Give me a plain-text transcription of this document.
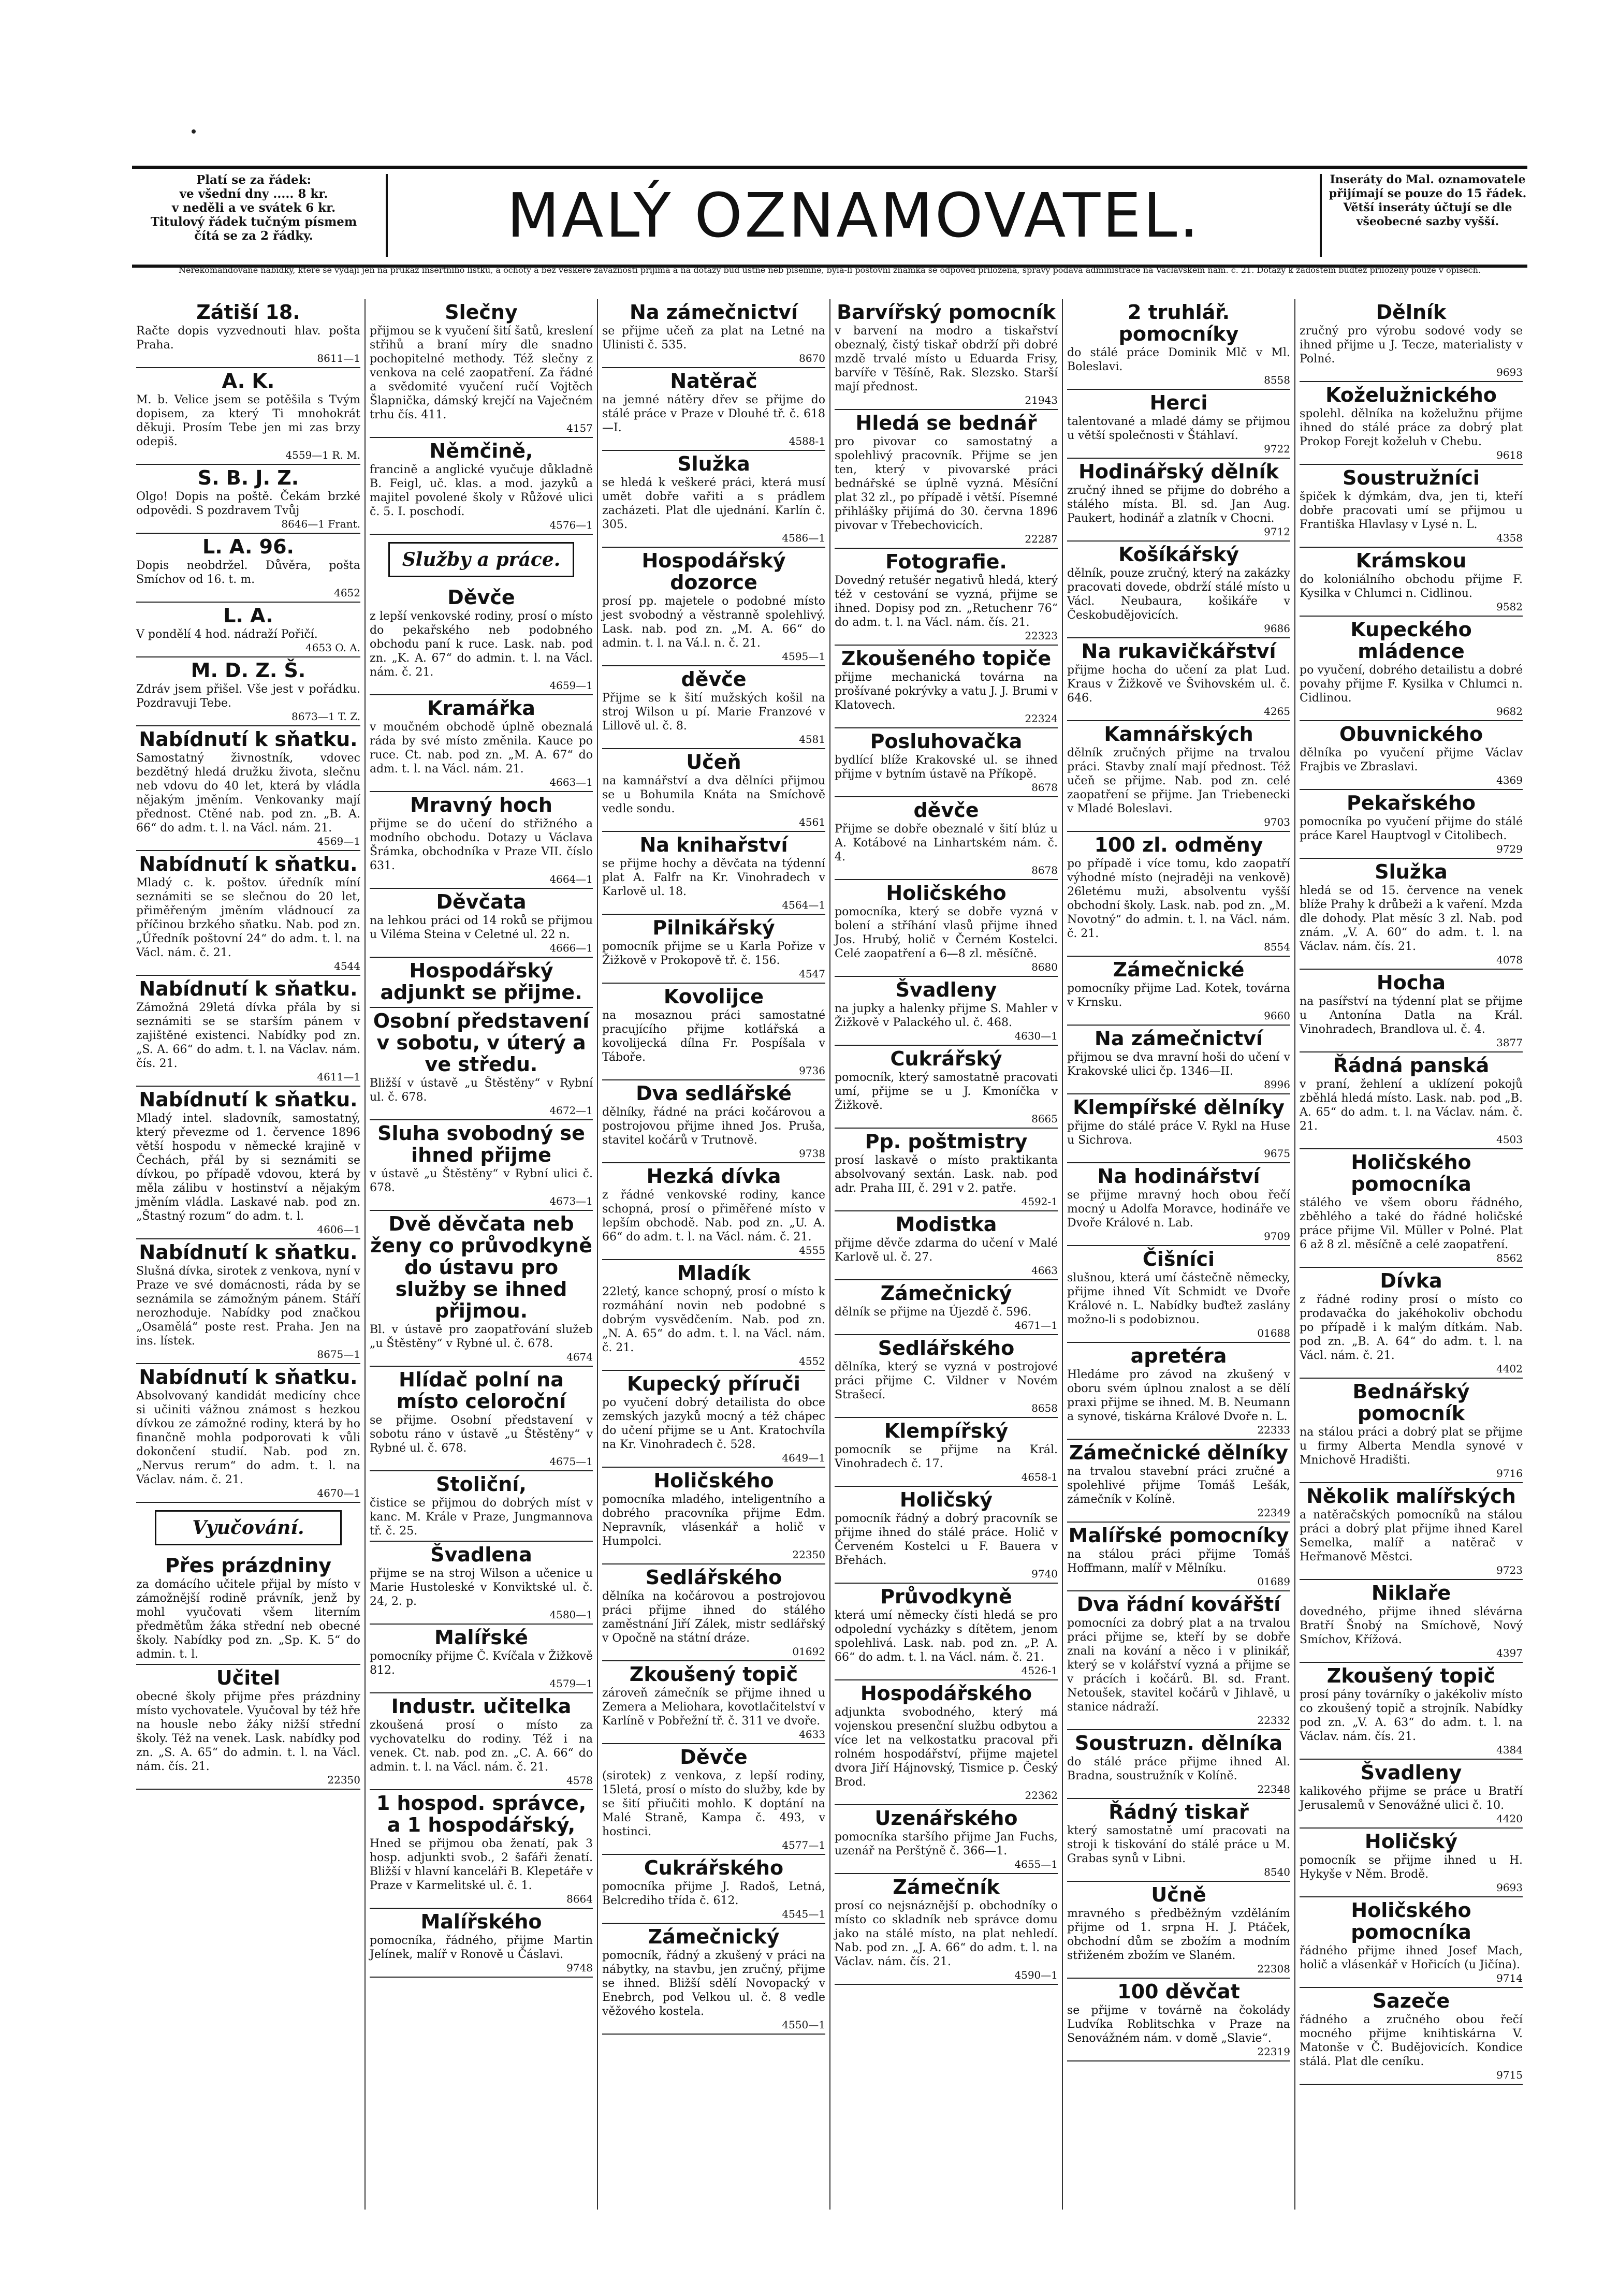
Platí se za řádek:
ve všední dny ..... 8 kr.
v neděli a ve svátek 6 kr.
Titulový řádek tučným písmem
čítá se za 2 řádky.	MALÝ OZNAMOVATEL.	Inseráty do Mal. oznamovatele
přijímají se pouze do 15 řádek.
Větší inseráty účtují se dle všeobecné sazby vyšší.
Nerekomandované nabídky, které se vydají jen na průkaz insertního lístku, a ochoty a bez veškeré závaznosti přijímá a na dotazy buď ústně neb písemně, byla-li poštovní známka se odpověď přiložena, správy podává administrace na Václavském nám. č. 21. Dotazy k žádostem buďtež přiloženy pouze v opisech.
Zátiší 18.

Račte dopis vyzvednouti hlav. pošta Praha.

8611—1
A. K.

M. b. Velice jsem se potěšila s Tvým dopisem, za který Ti mnohokrát děkuji. Prosím Tebe jen mi zas brzy odepiš.

4559—1 R. M.
S. B. J. Z.

Olgo! Dopis na poště. Čekám brzké odpovědi. S pozdravem Tvůj

8646—1 Frant.
L. A. 96.

Dopis neobdržel. Důvěra, pošta Smíchov od 16. t. m.

4652
L. A.

V pondělí 4 hod. nádraží Pořičí.

4653 O. A.
M. D. Z. Š.

Zdráv jsem přišel. Vše jest v pořádku. Pozdravuji Tebe.

8673—1 T. Z.
Nabídnutí k sňatku.

Samostatný živnostník, vdovec bezdětný hledá družku života, slečnu neb vdovu do 40 let, která by vládla nějakým jměním. Venkovanky mají přednost. Ctěné nab. pod zn. „B. A. 66“ do adm. t. l. na Václ. nám. 21.

4569—1
Nabídnutí k sňatku.

Mladý c. k. poštov. úředník míní seznámiti se se slečnou do 20 let, přiměřeným jměním vládnoucí za příčinou brzkého sňatku. Nab. pod zn. „Úředník poštovní 24“ do adm. t. l. na Václ. nám. č. 21.

4544
Nabídnutí k sňatku.

Zámožná 29letá dívka přála by si seznámiti se se starším pánem v zajištěné existenci. Nabídky pod zn. „S. A. 66“ do adm. t. l. na Václav. nám. čís. 21.

4611—1
Nabídnutí k sňatku.

Mladý intel. sladovník, samostatný, který převezme od 1. července 1896 větší hospodu v německé krajině v Čechách, přál by si seznámiti se dívkou, po případě vdovou, která by měla zálibu v hostinství a nějakým jměním vládla. Laskavé nab. pod zn. „Štastný rozum“ do adm. t. l.

4606—1
Nabídnutí k sňatku.

Slušná dívka, sirotek z venkova, nyní v Praze ve své domácnosti, ráda by se seznámila se zámožným pánem. Stáří nerozhoduje. Nabídky pod značkou „Osamělá“ poste rest. Praha. Jen na ins. lístek.

8675—1
Nabídnutí k sňatku.

Absolvovaný kandidát medicíny chce si učiniti vážnou známost s hezkou dívkou ze zámožné rodiny, která by ho finančně mohla podporovati k vůli dokončení studií. Nab. pod zn. „Nervus rerum“ do adm. t. l. na Václav. nám. č. 21.

4670—1
Vyučování.
Přes prázdniny

za domácího učitele přijal by místo v zámožnější rodině právník, jenž by mohl vyučovati všem literním předmětům žáka střední neb obecné školy. Nabídky pod zn. „Sp. K. 5“ do admin. t. l.

Učitel

obecné školy přijme přes prázdniny místo vychovatele. Vyučoval by též hře na housle nebo žáky nižší střední školy. Též na venek. Lask. nabídky pod zn. „S. A. 65“ do admin. t. l. na Václ. nám. čís. 21.

22350
Slečny

přijmou se k vyučení šití šatů, kreslení střihů a braní míry dle snadno pochopitelné methody. Též slečny z venkova na celé zaopatření. Za řádné a svědomité vyučení ručí Vojtěch Šlapnička, dámský krejčí na Vaječném trhu čís. 411.

4157
Němčině,

francině a anglické vyučuje důkladně B. Feigl, uč. klas. a mod. jazyků a majitel povolené školy v Růžové ulici č. 5. I. poschodí.

4576—1
Služby a práce.
Děvče

z lepší venkovské rodiny, prosí o místo do pekařského neb podobného obchodu paní k ruce. Lask. nab. pod zn. „K. A. 67“ do admin. t. l. na Václ. nám. č. 21.

4659—1
Kramářka

v moučném obchodě úplně obeznalá ráda by své místo změnila. Kauce po ruce. Ct. nab. pod zn. „M. A. 67“ do adm. t. l. na Václ. nám. 21.

4663—1
Mravný hoch

přijme se do učení do střižného a modního obchodu. Dotazy u Václava Šrámka, obchodníka v Praze VII. číslo 631.

4664—1
Děvčata

na lehkou práci od 14 roků se přijmou u Viléma Steina v Celetné ul. 22 n.

4666—1
Hospodářský adjunkt se přijme.

Osobní představení v sobotu, v úterý a ve středu.

Bližší v ústavě „u Štěstěny“ v Rybní ul. č. 678.

4672—1
Sluha svobodný se ihned přijme

v ústavě „u Štěstěny“ v Rybní ulici č. 678.

4673—1
Dvě děvčata neb ženy co průvodkyně do ústavu pro služby se ihned přijmou.

Bl. v ústavě pro zaopatřování služeb „u Štěstěny“ v Rybné ul. č. 678.

4674
Hlídač polní na místo celoroční

se přijme. Osobní představení v sobotu ráno v ústavě „u Štěstěny“ v Rybné ul. č. 678.

4675—1
Stoliční,

čistice se přijmou do dobrých míst v kanc. M. Krále v Praze, Jungmannova tř. č. 25.

Švadlena

přijme se na stroj Wilson a učenice u Marie Hustoleské v Konviktské ul. č. 24, 2. p.

4580—1
Malířské

pomocníky přijme Č. Kvíčala v Žižkově 812.

4579—1
Industr. učitelka

zkoušená prosí o místo za vychovatelku do rodiny. Též i na venek. Ct. nab. pod zn. „C. A. 66“ do admin. t. l. na Václ. nám. č. 21.

4578
1 hospod. správce, a 1 hospodářský,

Hned se přijmou oba ženatí, pak 3 hosp. adjunkti svob., 2 šafáři ženatí. Bližší v hlavní kanceláři B. Klepetáře v Praze v Karmelitské ul. č. 1.

8664
Malířského

pomocníka, řádného, přijme Martin Jelínek, malíř v Ronově u Čáslavi.

9748
Na zámečnictví

se přijme učeň za plat na Letné na Ulinisti č. 535.

8670
Natěrač

na jemné nátěry dřev se přijme do stálé práce v Praze v Dlouhé tř. č. 618—I.

4588-1
Služka

se hledá k veškeré práci, která musí umět dobře vařiti a s prádlem zacházeti. Plat dle ujednání. Karlín č. 305.

4586—1
Hospodářský dozorce

prosí pp. majetele o podobné místo jest svobodný a věstranně spolehlivý. Lask. nab. pod zn. „M. A. 66“ do admin. t. l. na Vá.l. n. č. 21.

4595—1
děvče

Přijme se k šití mužských košil na stroj Wilson u pí. Marie Franzové v Lillově ul. č. 8.

4581
Učeň

na kamnářství a dva dělníci přijmou se u Bohumila Knáta na Smíchově vedle sondu.

4561
Na knihařství

se přijme hochy a děvčata na týdenní plat A. Falfr na Kr. Vinohradech v Karlově ul. 18.

4564—1
Pilnikářský

pomocník přijme se u Karla Pořize v Žižkově v Prokopově tř. č. 156.

4547
Kovolijce

na mosaznou práci samostatné pracujícího přijme kotlářská a kovolijecká dílna Fr. Pospíšala v Táboře.

9736
Dva sedlářské

dělníky, řádné na práci kočárovou a postrojovou přijme ihned Jos. Pruša, stavitel kočárů v Trutnově.

9738
Hezká dívka

z řádné venkovské rodiny, kance schopná, prosí o přiměřené místo v lepším obchodě. Nab. pod zn. „U. A. 66“ do adm. t. l. na Václ. nám. č. 21.

4555
Mladík

22letý, kance schopný, prosí o místo k rozmáhání novin neb podobné s dobrým vysvědčením. Nab. pod zn. „N. A. 65“ do adm. t. l. na Václ. nám. č. 21.

4552
Kupecký příruči

po vyučení dobrý detailista do obce zemských jazyků mocný a též chápec do učení přijme se u Ant. Kratochvíla na Kr. Vinohradech č. 528.

4649—1
Holičského

pomocníka mladého, inteligentního a dobrého pracovníka přijme Edm. Nepravník, vlásenkář a holič v Humpolci.

22350
Sedlářského

dělníka na kočárovou a postrojovou práci přijme ihned do stálého zaměstnání Jiří Zálek, mistr sedlářský v Opočně na státní dráze.

01692
Zkoušený topič

zároveň zámečník se přijme ihned u Zemera a Meliohara, kovotlačitelství v Karlíně v Pobřežní tř. č. 311 ve dvoře.

4633
Děvče

(sirotek) z venkova, z lepší rodiny, 15letá, prosí o místo do služby, kde by se šití přiučiti mohlo. K doptání na Malé Straně, Kampa č. 493, v hostinci.

4577—1
Cukrářského

pomocníka přijme J. Radoš, Letná, Belcrediho třída č. 612.

4545—1
Zámečnický

pomocník, řádný a zkušený v práci na nábytky, na stavbu, jen zručný, přijme se ihned. Bližší sdělí Novopacký v Enebrch, pod Velkou ul. č. 8 vedle věžového kostela.

4550—1
Barvířský pomocník

v barvení na modro a tiskařství obeznalý, čistý tiskař obdrží při dobré mzdě trvalé místo u Eduarda Frisy, barvíře v Těšíně, Rak. Slezsko. Starší mají přednost.

21943
Hledá se bednář

pro pivovar co samostatný a spolehlivý pracovník. Přijme se jen ten, který v pivovarské práci bednářské se úplně vyzná. Měsíční plat 32 zl., po případě i větší. Písemné přihlášky přijímá do 30. června 1896 pivovar v Třebechovicích.

22287
Fotografie.

Dovedný retušér negativů hledá, který též v cestování se vyzná, přijme se ihned. Dopisy pod zn. „Retuchenr 76“ do adm. t. l. na Václ. nám. čís. 21.

22323
Zkoušeného topiče

přijme mechanická továrna na prošívané pokrývky a vatu J. J. Brumi v Klatovech.

22324
Posluhovačka

bydlící blíže Krakovské ul. se ihned přijme v bytním ústavě na Příkopě.

8678
děvče

Přijme se dobře obeznalé v šití blúz u A. Kotábové na Linhartském nám. č. 4.

8678
Holičského

pomocníka, který se dobře vyzná v bolení a stříhání vlasů přijme ihned Jos. Hrubý, holič v Černém Kostelci. Celé zaopatření a 6—8 zl. měsíčně.

8680
Švadleny

na jupky a halenky přijme S. Mahler v Žižkově v Palackého ul. č. 468.

4630—1
Cukrářský

pomocník, který samostatně pracovati umí, přijme se u J. Kmoníčka v Žižkově.

8665
Pp. poštmistry

prosí laskavě o místo praktikanta absolvovaný sextán. Lask. nab. pod adr. Praha III, č. 291 v 2. patře.

4592-1
Modistka

přijme děvče zdarma do učení v Malé Karlově ul. č. 27.

4663
Zámečnický

dělník se přijme na Újezdě č. 596.

4671—1
Sedlářského

dělníka, který se vyzná v postrojové práci přijme C. Vildner v Novém Strašecí.

8658
Klempířský

pomocník se přijme na Král. Vinohradech č. 17.

4658-1
Holičský

pomocník řádný a dobrý pracovník se přijme ihned do stálé práce. Holič v Červeném Kostelci u F. Bauera v Břehách.

9740
Průvodkyně

která umí německy čísti hledá se pro odpolední vycházky s dítětem, jenom spolehlivá. Lask. nab. pod zn. „P. A. 66“ do adm. t. l. na Václ. nám. č. 21.

4526-1
Hospodářského

adjunkta svobodného, který má vojenskou presenční službu odbytou a více let na velkostatku pracoval při rolném hospodářství, přijme majetel dvora Jiří Hájnovský, Tismice p. Český Brod.

22362
Uzenářského

pomocníka staršího přijme Jan Fuchs, uzenář na Perštýně č. 366—1.

4655—1
Zámečník

prosí co nejsnáznější p. obchodníky o místo co skladník neb správce domu jako na stálé místo, na plat nehledí. Nab. pod zn. „J. A. 66“ do adm. t. l. na Václav. nám. čís. 21.

4590—1
2 truhlář. pomocníky

do stálé práce Dominik Mlč v Ml. Boleslavi.

8558
Herci

talentované a mladé dámy se přijmou u větší společnosti v Štáhlaví.

9722
Hodinářský dělník

zručný ihned se přijme do dobrého a stálého místa. Bl. sd. Jan Aug. Paukert, hodinář a zlatník v Chocni.

9712
Košíkářský

dělník, pouze zručný, který na zakázky pracovati dovede, obdrží stálé místo u Václ. Neubaura, košikáře v Českobudějovicích.

9686
Na rukavičkářství

přijme hocha do učení za plat Lud. Kraus v Žižkově ve Švihovském ul. č. 646.

4265
Kamnářských

dělník zručných přijme na trvalou práci. Stavby znalí mají přednost. Též učeň se přijme. Nab. pod zn. celé zaopatření se přijme. Jan Triebenecki v Mladé Boleslavi.

9703
100 zl. odměny

po případě i více tomu, kdo zaopatří výhodné místo (nejraději na venkově) 26letému muži, absolventu vyšší obchodní školy. Lask. nab. pod zn. „M. Novotný“ do admin. t. l. na Václ. nám. č. 21.

8554
Zámečnické

pomocníky přijme Lad. Kotek, továrna v Krnsku.

9660
Na zámečnictví

přijmou se dva mravní hoši do učení v Krakovské ulici čp. 1346—II.

8996
Klempířské dělníky

přijme do stálé práce V. Rykl na Huse u Sichrova.

9675
Na hodinářství

se přijme mravný hoch obou řečí mocný u Adolfa Moravce, hodináře ve Dvoře Králové n. Lab.

9709
Čišníci

slušnou, která umí částečně německy, přijme ihned Vít Schmidt ve Dvoře Králové n. L. Nabídky buďtež zaslány možno-li s podobiznou.

01688
apretéra

Hledáme pro závod na zkušený v oboru svém úplnou znalost a se dělí praxi přijme se ihned. M. B. Neumann a synové, tiskárna Králové Dvoře n. L.

22333
Zámečnické dělníky

na trvalou stavební práci zručné a spolehlivé přijme Tomáš Lešák, zámečník v Kolíně.

22349
Malířské pomocníky

na stálou práci přijme Tomáš Hoffmann, malíř v Mělníku.

01689
Dva řádní kovářští

pomocníci za dobrý plat a na trvalou práci přijme se, kteří by se dobře znali na kování a něco i v plinikář, který se v kolářství vyzná a přijme se v prácích i kočárů. Bl. sd. Frant. Netoušek, stavitel kočárů v Jihlavě, u stanice nádraží.

22332
Soustruzn. dělníka

do stálé práce přijme ihned Al. Bradna, soustružník v Kolíně.

22348
Řádný tiskař

který samostatně umí pracovati na stroji k tiskování do stálé práce u M. Grabas synů v Libni.

8540
Učně

mravného s předběžným vzděláním přijme od 1. srpna H. J. Ptáček, obchodní dům se zbožím a modním střiženém zbožím ve Slaném.

22308
100 děvčat

se přijme v továrně na čokolády Ludvíka Roblitschka v Praze na Senovážném nám. v domě „Slavie“.

22319
Dělník

zručný pro výrobu sodové vody se ihned přijme u J. Tecze, materialisty v Polné.

9693
Koželužnického

spolehl. dělníka na koželužnu přijme ihned do stálé práce za dobrý plat Prokop Forejt koželuh v Chebu.

9618
Soustružníci

špiček k dýmkám, dva, jen ti, kteří dobře pracovati umí se přijmou u Františka Hlavlasy v Lysé n. L.

4358
Krámskou

do koloniálního obchodu přijme F. Kysilka v Chlumci n. Cidlinou.

9582
Kupeckého mládence

po vyučení, dobrého detailistu a dobré povahy přijme F. Kysilka v Chlumci n. Cidlinou.

9682
Obuvnického

dělníka po vyučení přijme Václav Frajbis ve Zbraslavi.

4369
Pekařského

pomocníka po vyučení přijme do stálé práce Karel Hauptvogl v Citolibech.

9729
Služka

hledá se od 15. července na venek blíže Prahy k drůbeži a k vaření. Mzda dle dohody. Plat měsíc 3 zl. Nab. pod znám. „V. A. 60“ do adm. t. l. na Václav. nám. čís. 21.

4078
Hocha

na pasířství na týdenní plat se přijme u Antonína Datla na Král. Vinohradech, Brandlova ul. č. 4.

3877
Řádná panská

v praní, žehlení a uklízení pokojů zběhlá hledá místo. Lask. nab. pod „B. A. 65“ do adm. t. l. na Václav. nám. č. 21.

4503
Holičského pomocníka

stálého ve všem oboru řádného, zběhlého a také do řádné holičské práce přijme Vil. Müller v Polné. Plat 6 až 8 zl. měsíčně a celé zaopatření.

8562
Dívka

z řádné rodiny prosí o místo co prodavačka do jakéhokoliv obchodu po případě i k malým dítkám. Nab. pod zn. „B. A. 64“ do adm. t. l. na Václ. nám. č. 21.

4402
Bednářský pomocník

na stálou práci a dobrý plat se přijme u firmy Alberta Mendla synové v Mnichově Hradišti.

9716
Několik malířských

a natěračských pomocníků na stálou práci a dobrý plat přijme ihned Karel Semelka, malíř a natěrač v Heřmanově Městci.

9723
Niklaře

dovedného, přijme ihned slévárna Bratří Šnobý na Smíchově, Nový Smíchov, Křížová.

4397
Zkoušený topič

prosí pány továrníky o jakékoliv místo co zkoušený topič a strojník. Nabídky pod zn. „V. A. 63“ do adm. t. l. na Václav. nám. čís. 21.

4384
Švadleny

kalikového přijme se práce u Bratří Jerusalemů v Senovážné ulici č. 10.

4420
Holičský

pomocník se přijme ihned u H. Hykyše v Něm. Brodě.

9693
Holičského pomocníka

řádného přijme ihned Josef Mach, holič a vlásenkář v Hořicích (u Jičína).

9714
Sazeče

řádného a zručného obou řečí mocného přijme knihtiskárna V. Matonše v Č. Budějovicích. Kondice stálá. Plat dle ceníku.

9715
